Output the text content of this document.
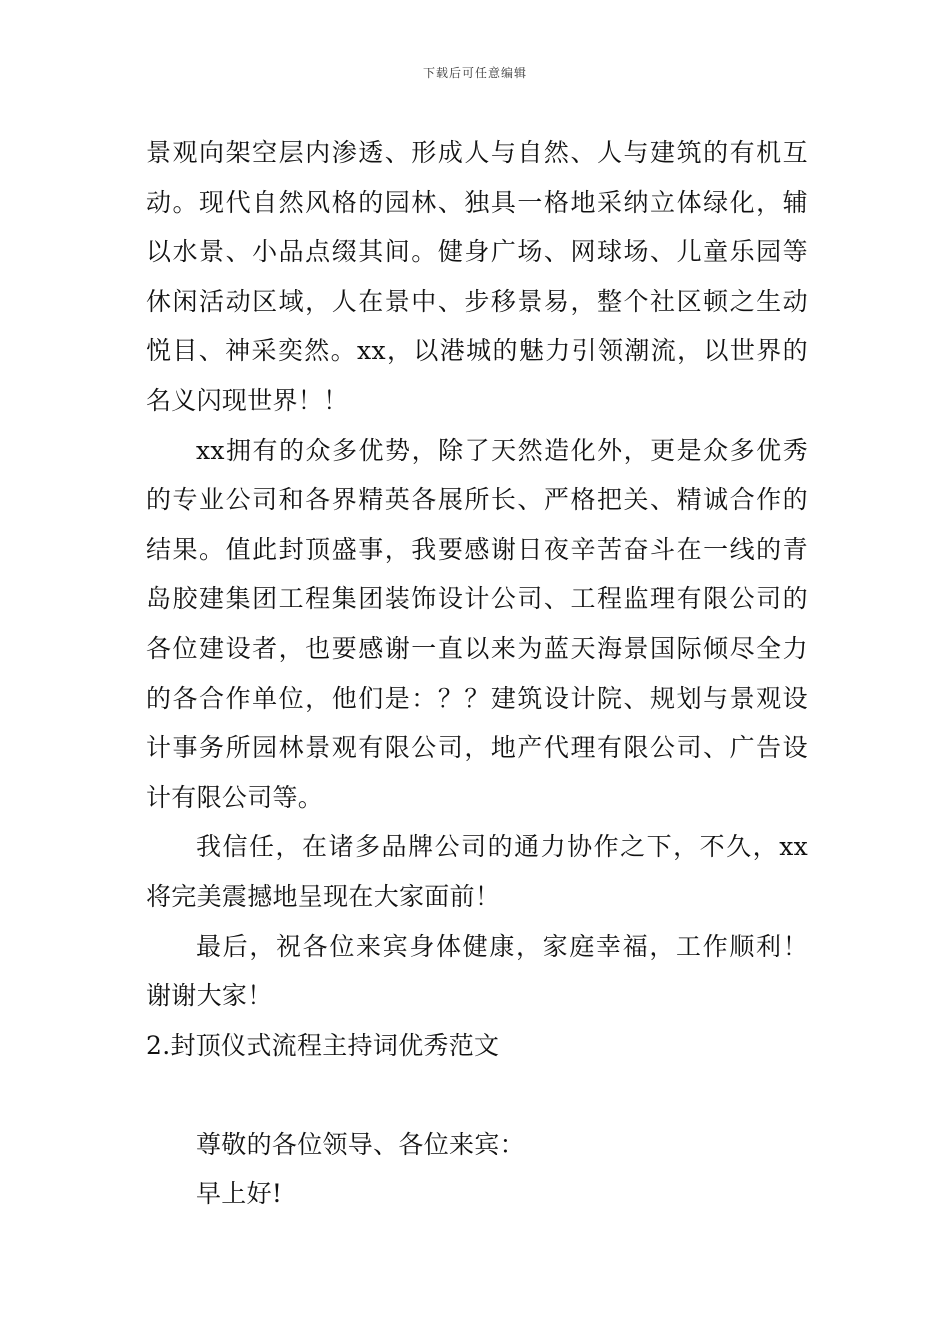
下载后可任意编辑
景观向架空层内渗透、形成人与自然、人与建筑的有机互
动。现代自然风格的园林、独具一格地采纳立体绿化，辅
以水景、小品点缀其间。健身广场、网球场、儿童乐园等
休闲活动区域，人在景中、步移景易，整个社区顿之生动
悦目、神采奕然。xx，以港城的魅力引领潮流，以世界的
名义闪现世界！！
xx拥有的众多优势，除了天然造化外，更是众多优秀
的专业公司和各界精英各展所长、严格把关、精诚合作的
结果。值此封顶盛事，我要感谢日夜辛苦奋斗在一线的青
岛胶建集团工程集团装饰设计公司、工程监理有限公司的
各位建设者，也要感谢一直以来为蓝天海景国际倾尽全力
的各合作单位，他们是：？？建筑设计院、规划与景观设
计事务所园林景观有限公司，地产代理有限公司、广告设
计有限公司等。
我信任，在诸多品牌公司的通力协作之下，不久，xx
将完美震撼地呈现在大家面前！
最后，祝各位来宾身体健康，家庭幸福，工作顺利！
谢谢大家！
2.封顶仪式流程主持词优秀范文
尊敬的各位领导、各位来宾：
早上好!
